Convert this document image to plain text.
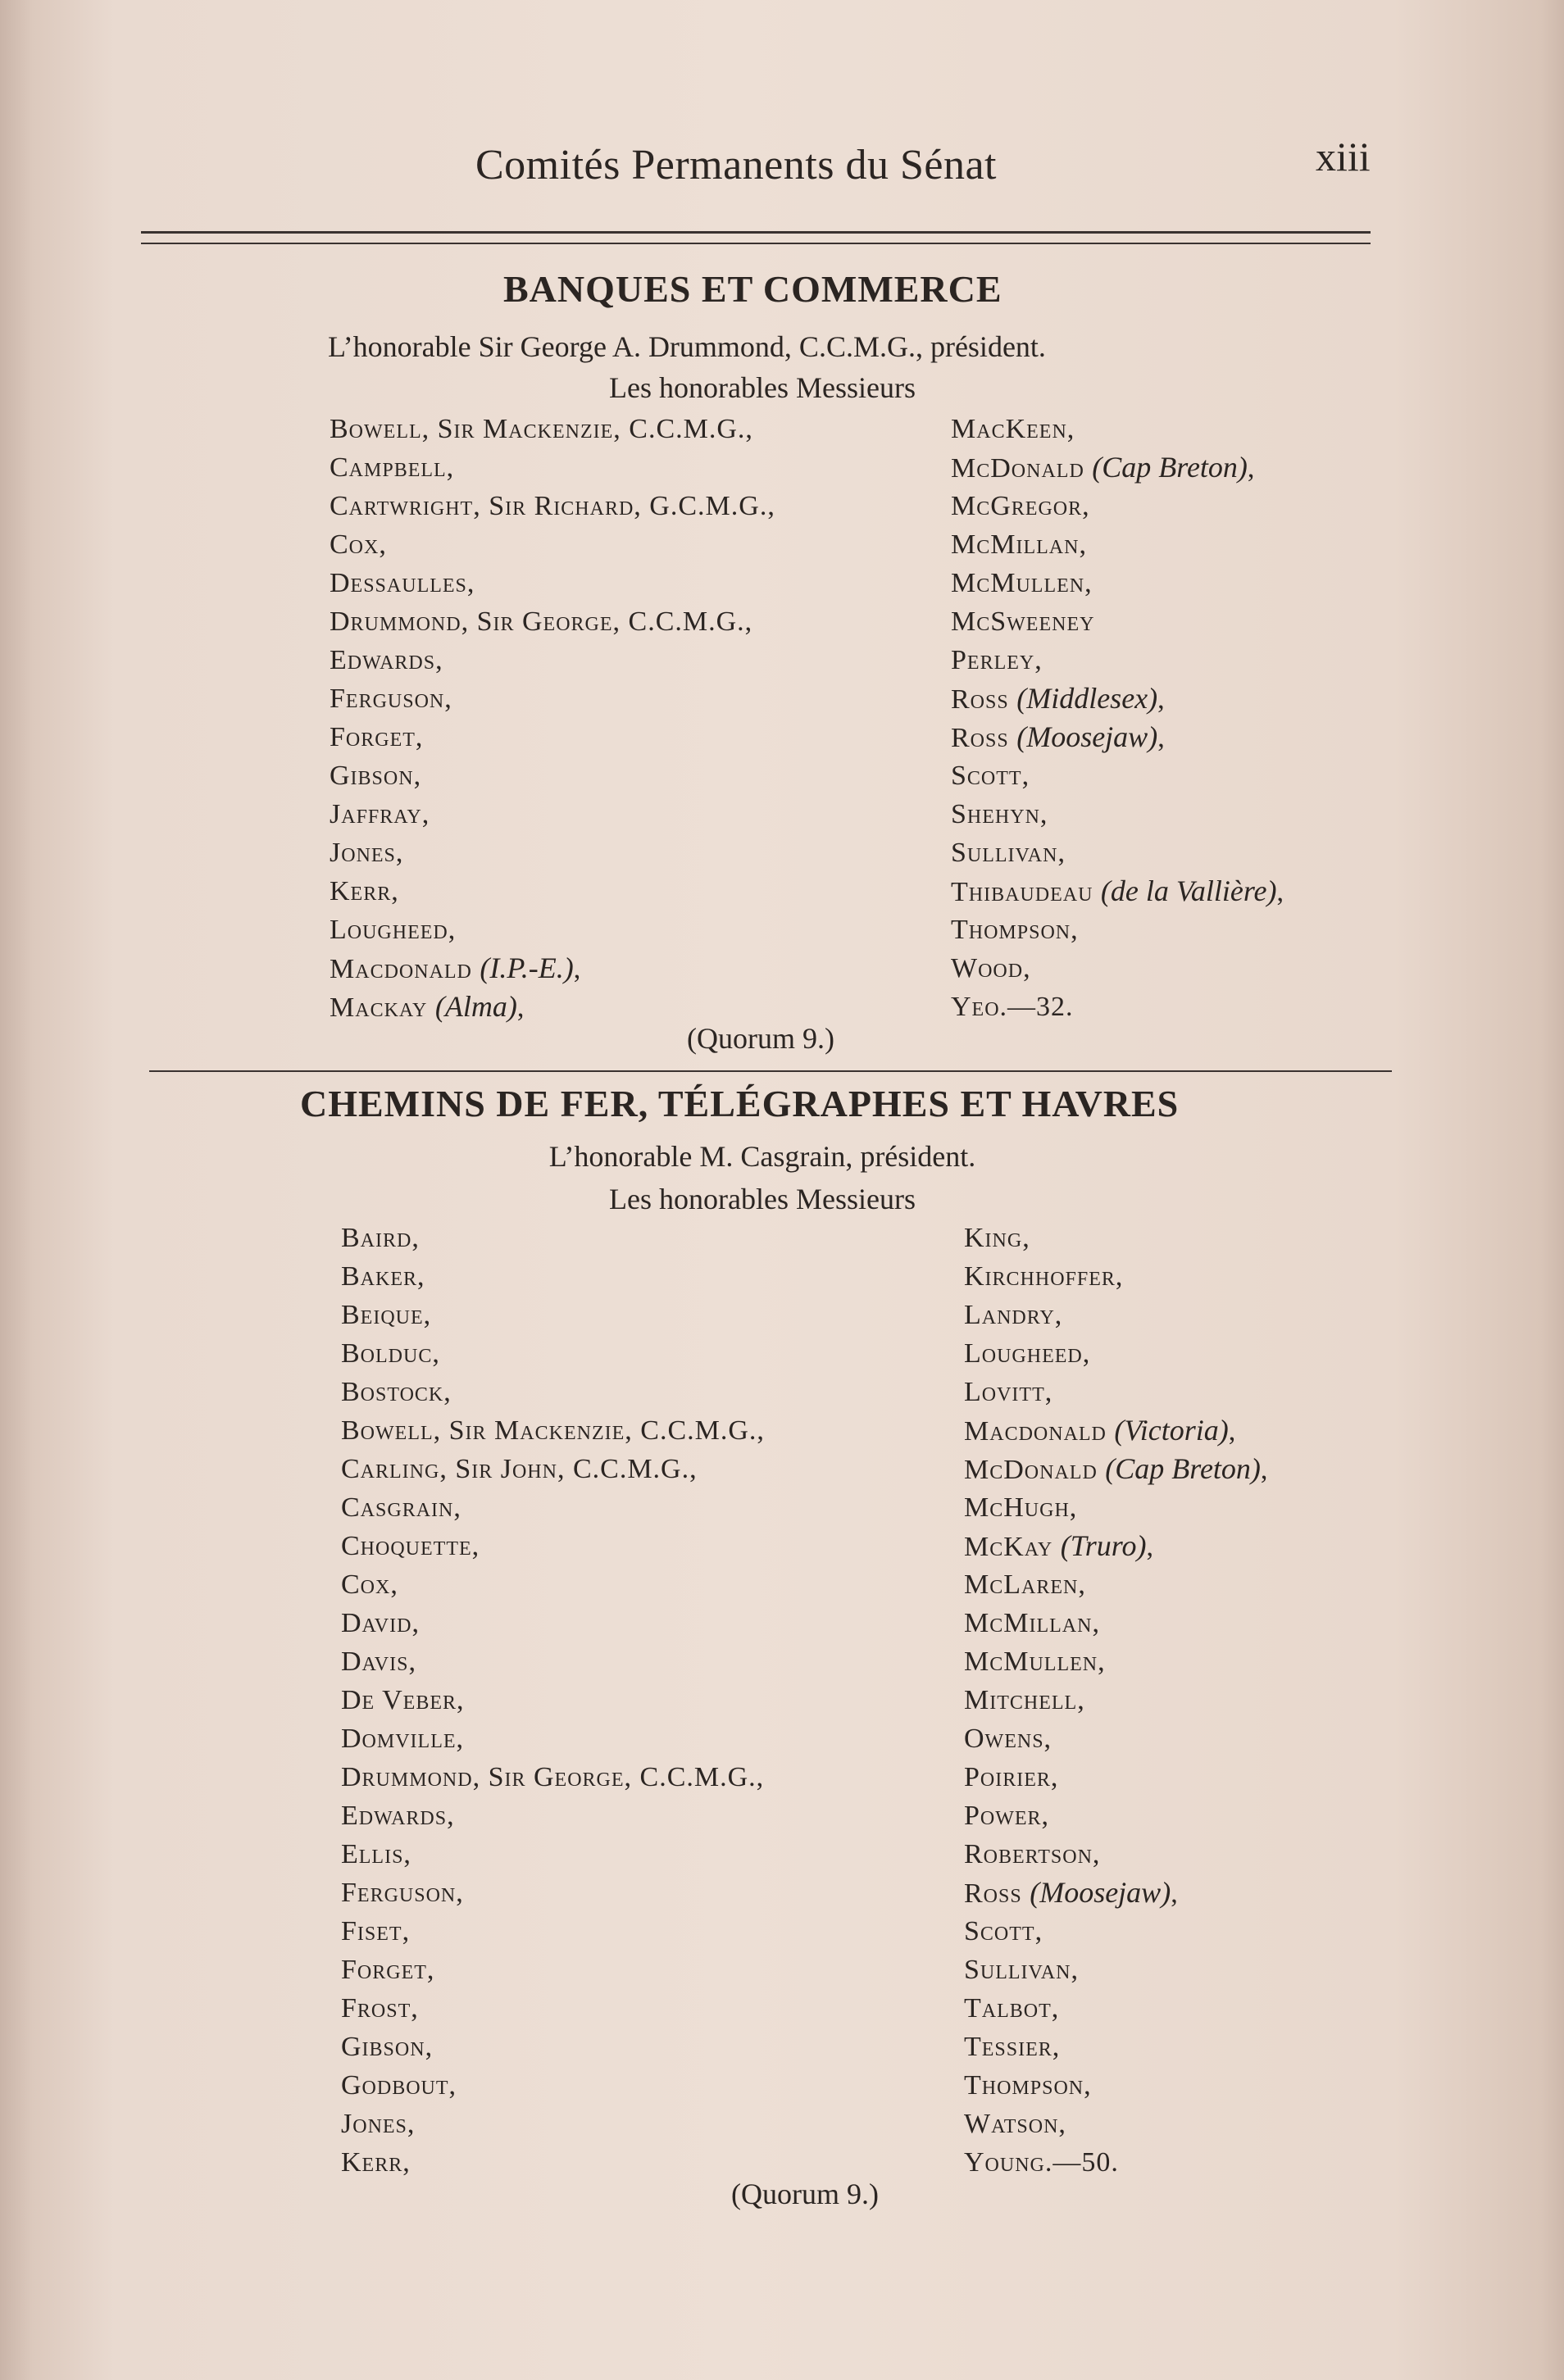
Comités Permanents du Sénat	xiii
BANQUES ET COMMERCE
L’honorable Sir George A. Drummond, C.C.M.G., président.
Les honorables Messieurs
Bowell, Sir Mackenzie, C.C.M.G.,
Campbell,
Cartwright, Sir Richard, G.C.M.G.,
Cox,
Dessaulles,
Drummond, Sir George, C.C.M.G.,
Edwards,
Ferguson,
Forget,
Gibson,
Jaffray,
Jones,
Kerr,
Lougheed,
Macdonald (I.P.-E.),
Mackay (Alma),
MacKeen,
McDonald (Cap Breton),
McGregor,
McMillan,
McMullen,
McSweeney
Perley,
Ross (Middlesex),
Ross (Moosejaw),
Scott,
Shehyn,
Sullivan,
Thibaudeau (de la Vallière),
Thompson,
Wood,
Yeo.—32.
(Quorum 9.)
CHEMINS DE FER, TÉLÉGRAPHES ET HAVRES
L’honorable M. Casgrain, président.
Les honorables Messieurs
Baird,
Baker,
Beique,
Bolduc,
Bostock,
Bowell, Sir Mackenzie, C.C.M.G.,
Carling, Sir John, C.C.M.G.,
Casgrain,
Choquette,
Cox,
David,
Davis,
De Veber,
Domville,
Drummond, Sir George, C.C.M.G.,
Edwards,
Ellis,
Ferguson,
Fiset,
Forget,
Frost,
Gibson,
Godbout,
Jones,
Kerr,
King,
Kirchhoffer,
Landry,
Lougheed,
Lovitt,
Macdonald (Victoria),
McDonald (Cap Breton),
McHugh,
McKay (Truro),
McLaren,
McMillan,
McMullen,
Mitchell,
Owens,
Poirier,
Power,
Robertson,
Ross (Moosejaw),
Scott,
Sullivan,
Talbot,
Tessier,
Thompson,
Watson,
Young.—50.
(Quorum 9.)
